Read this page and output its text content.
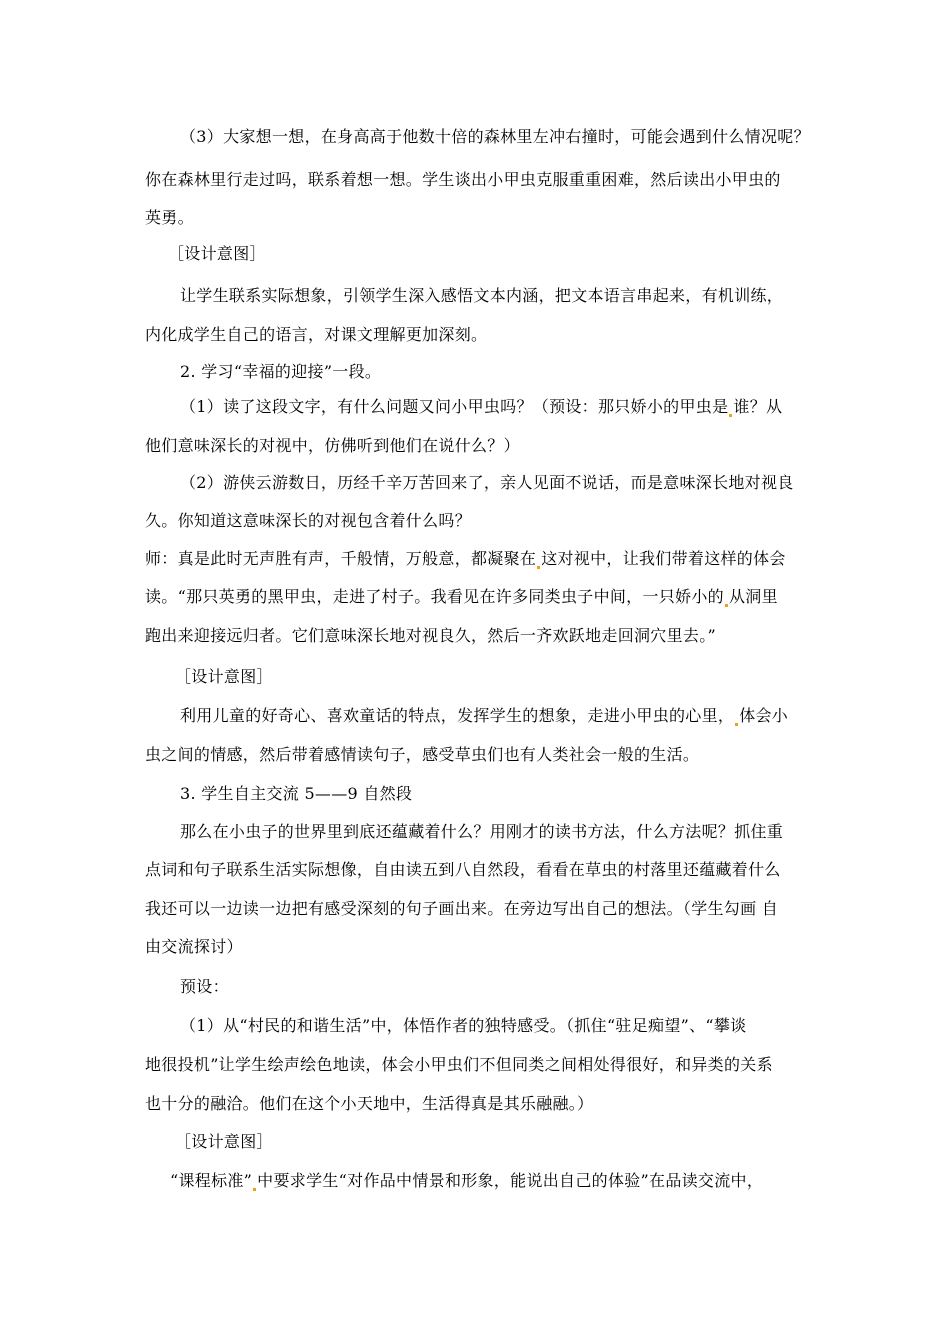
（3）大家想一想，在身高高于他数十倍的森林里左冲右撞时，可能会遇到什么情况呢？
你在森林里行走过吗，联系着想一想。学生谈出小甲虫克服重重困难，然后读出小甲虫的
英勇。
［设计意图］
让学生联系实际想象，引领学生深入感悟文本内涵，把文本语言串起来，有机训练，
内化成学生自己的语言，对课文理解更加深刻。
2. 学习“幸福的迎接”一段。
（1）读了这段文字，有什么问题又问小甲虫吗？（预设：那只娇小的甲虫是 谁？从
他们意味深长的对视中，仿佛听到他们在说什么？）
（2）游侠云游数日，历经千辛万苦回来了，亲人见面不说话，而是意味深长地对视良
久。你知道这意味深长的对视包含着什么吗？
师：真是此时无声胜有声，千般情，万般意，都凝聚在 这对视中，让我们带着这样的体会
读。“那只英勇的黑甲虫，走进了村子。我看见在许多同类虫子中间，一只娇小的 从洞里
跑出来迎接远归者。它们意味深长地对视良久，然后一齐欢跃地走回洞穴里去。”
［设计意图］
利用儿童的好奇心、喜欢童话的特点，发挥学生的想象，走进小甲虫的心里， 体会小
虫之间的情感，然后带着感情读句子，感受草虫们也有人类社会一般的生活。
3. 学生自主交流 5——9 自然段
那么在小虫子的世界里到底还蕴藏着什么？用刚才的读书方法，什么方法呢？抓住重
点词和句子联系生活实际想像，自由读五到八自然段，看看在草虫的村落里还蕴藏着什么
我还可以一边读一边把有感受深刻的句子画出来。在旁边写出自己的想法。（学生勾画 自
由交流探讨）
预设：
（1）从“村民的和谐生活”中，体悟作者的独特感受。（抓住“驻足痴望”、“攀谈
地很投机”让学生绘声绘色地读，体会小甲虫们不但同类之间相处得很好，和异类的关系
也十分的融洽。他们在这个小天地中，生活得真是其乐融融。）
［设计意图］
“课程标准” 中要求学生“对作品中情景和形象，能说出自己的体验”在品读交流中，
